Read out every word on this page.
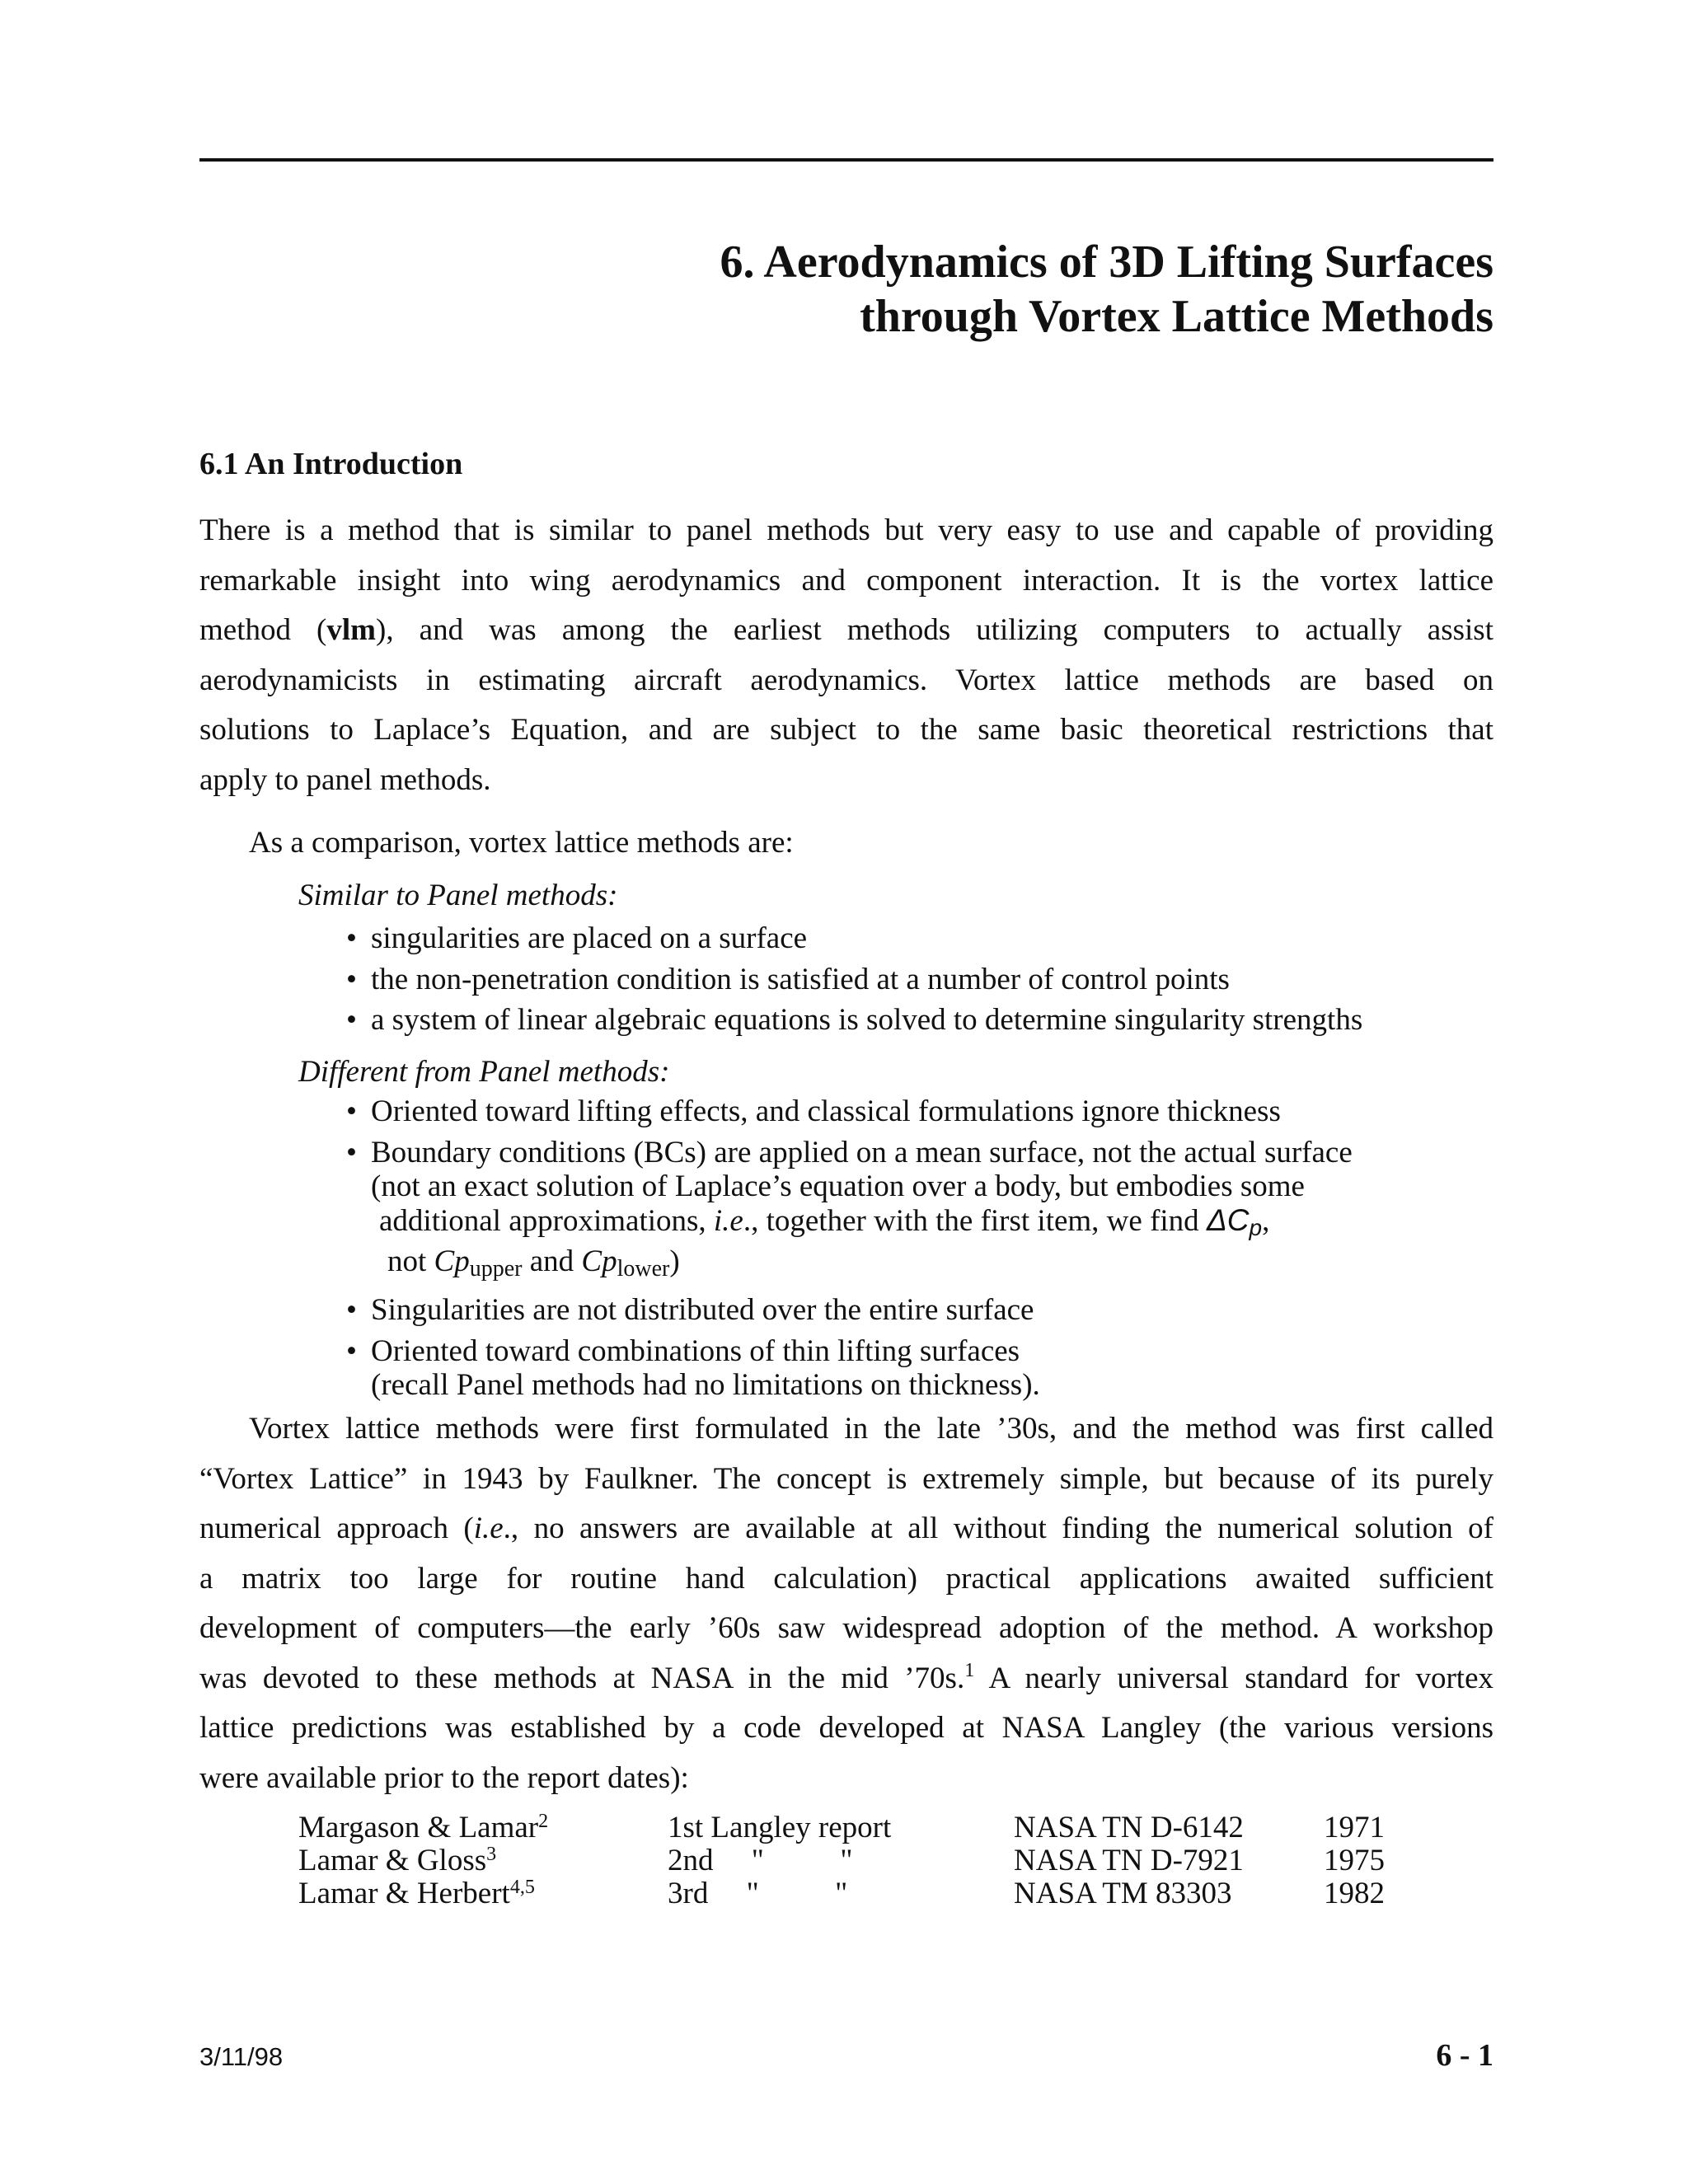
6. Aerodynamics of 3D Lifting Surfaces
through Vortex Lattice Methods
6.1 An Introduction
There is a method that is similar to panel methods but very easy to use and capable of providing
remarkable insight into wing aerodynamics and component interaction. It is the vortex lattice
method (vlm), and was among the earliest methods utilizing computers to actually assist
aerodynamicists in estimating aircraft aerodynamics. Vortex lattice methods are based on
solutions to Laplace’s Equation, and are subject to the same basic theoretical restrictions that
apply to panel methods.
As a comparison, vortex lattice methods are:
Similar to Panel methods:
• singularities are placed on a surface
• the non-penetration condition is satisfied at a number of control points
• a system of linear algebraic equations is solved to determine singularity strengths
Different from Panel methods:
• Oriented toward lifting effects, and classical formulations ignore thickness
• Boundary conditions (BCs) are applied on a mean surface, not the actual surface
(not an exact solution of Laplace’s equation over a body, but embodies some
additional approximations, i.e., together with the first item, we find $\Delta C_p$,
not $Cp_{upper}$ and $Cp_{lower}$)
• Singularities are not distributed over the entire surface
• Oriented toward combinations of thin lifting surfaces
(recall Panel methods had no limitations on thickness).
Vortex lattice methods were first formulated in the late ’30s, and the method was first called
“Vortex Lattice” in 1943 by Faulkner. The concept is extremely simple, but because of its purely
numerical approach (i.e., no answers are available at all without finding the numerical solution of
a matrix too large for routine hand calculation) practical applications awaited sufficient
development of computers—the early ’60s saw widespread adoption of the method. A workshop
was devoted to these methods at NASA in the mid ’70s.$^1$ A nearly universal standard for vortex
lattice predictions was established by a code developed at NASA Langley (the various versions
were available prior to the report dates):
Margason & Lamar$^2$	1st Langley report	NASA TN D-6142	1971
Lamar & Gloss$^3$	2nd     "          "	NASA TN D-7921	1975
Lamar & Herbert$^{4,5}$	3rd     "          "	NASA TM 83303	1982
3/11/98	6 - 1
